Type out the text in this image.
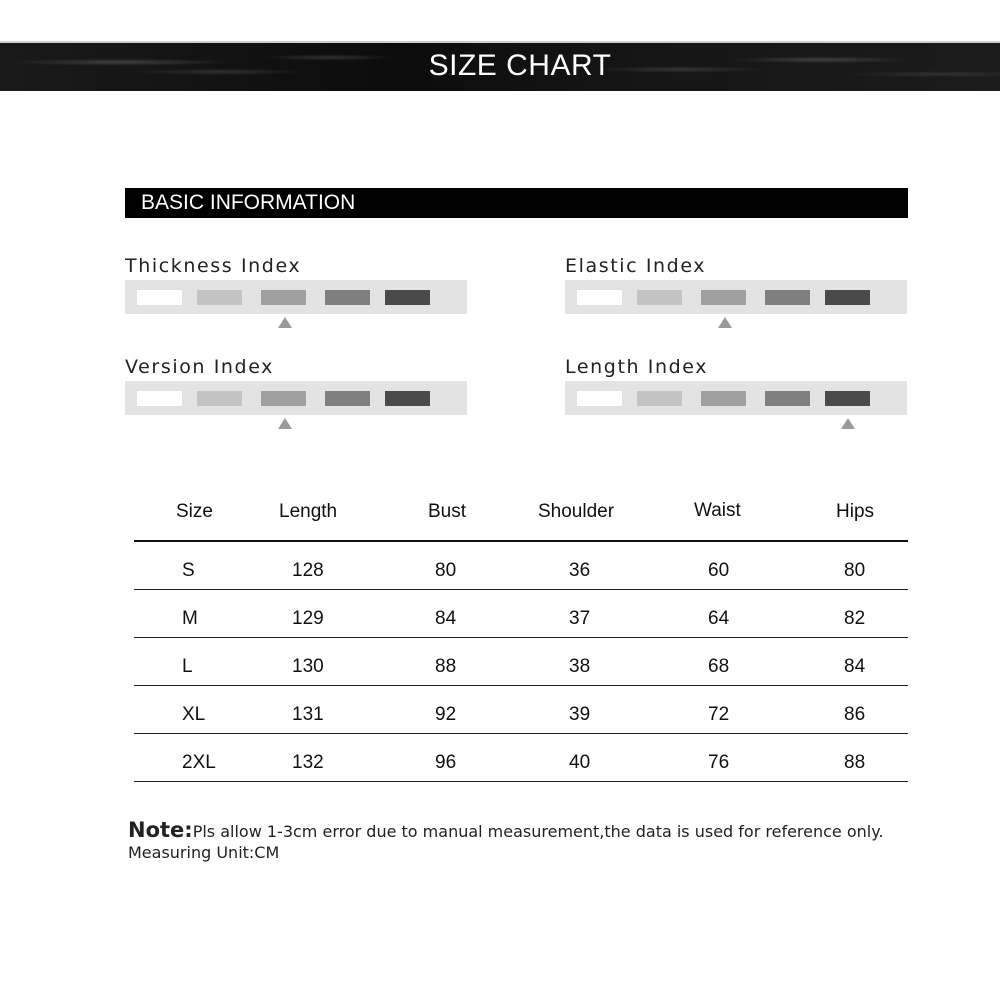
SIZE CHART
BASIC INFORMATION
Thickness Index	Elastic Index
Version Index	Length Index
Size	Length	Bust	Shoulder	Waist	Hips
S	128	80	36	60	80
M	129	84	37	64	82
L	130	88	38	68	84
XL	131	92	39	72	86
2XL	132	96	40	76	88
Note:Pls allow 1-3cm error due to manual measurement,the data is used for reference only.
Measuring Unit:CM
